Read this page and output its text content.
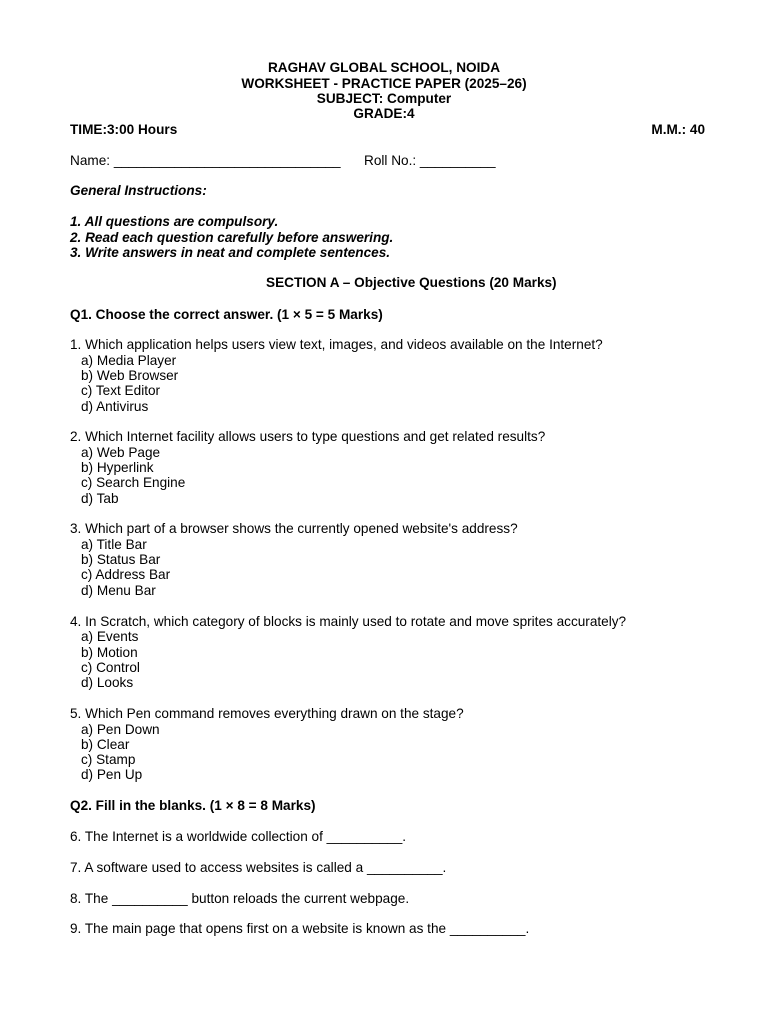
RAGHAV GLOBAL SCHOOL, NOIDA
WORKSHEET - PRACTICE PAPER (2025–26)
SUBJECT: Computer
GRADE:4
TIME:3:00 Hours	M.M.: 40
Name: ______________________________ Roll No.: __________
General Instructions:
1. All questions are compulsory.
2. Read each question carefully before answering.
3. Write answers in neat and complete sentences.
SECTION A – Objective Questions (20 Marks)
Q1. Choose the correct answer. (1 × 5 = 5 Marks)
1. Which application helps users view text, images, and videos available on the Internet?
a) Media Player
b) Web Browser
c) Text Editor
d) Antivirus
2. Which Internet facility allows users to type questions and get related results?
a) Web Page
b) Hyperlink
c) Search Engine
d) Tab
3. Which part of a browser shows the currently opened website's address?
a) Title Bar
b) Status Bar
c) Address Bar
d) Menu Bar
4. In Scratch, which category of blocks is mainly used to rotate and move sprites accurately?
a) Events
b) Motion
c) Control
d) Looks
5. Which Pen command removes everything drawn on the stage?
a) Pen Down
b) Clear
c) Stamp
d) Pen Up
Q2. Fill in the blanks. (1 × 8 = 8 Marks)
6. The Internet is a worldwide collection of __________.
7. A software used to access websites is called a __________.
8. The __________ button reloads the current webpage.
9. The main page that opens first on a website is known as the __________.
